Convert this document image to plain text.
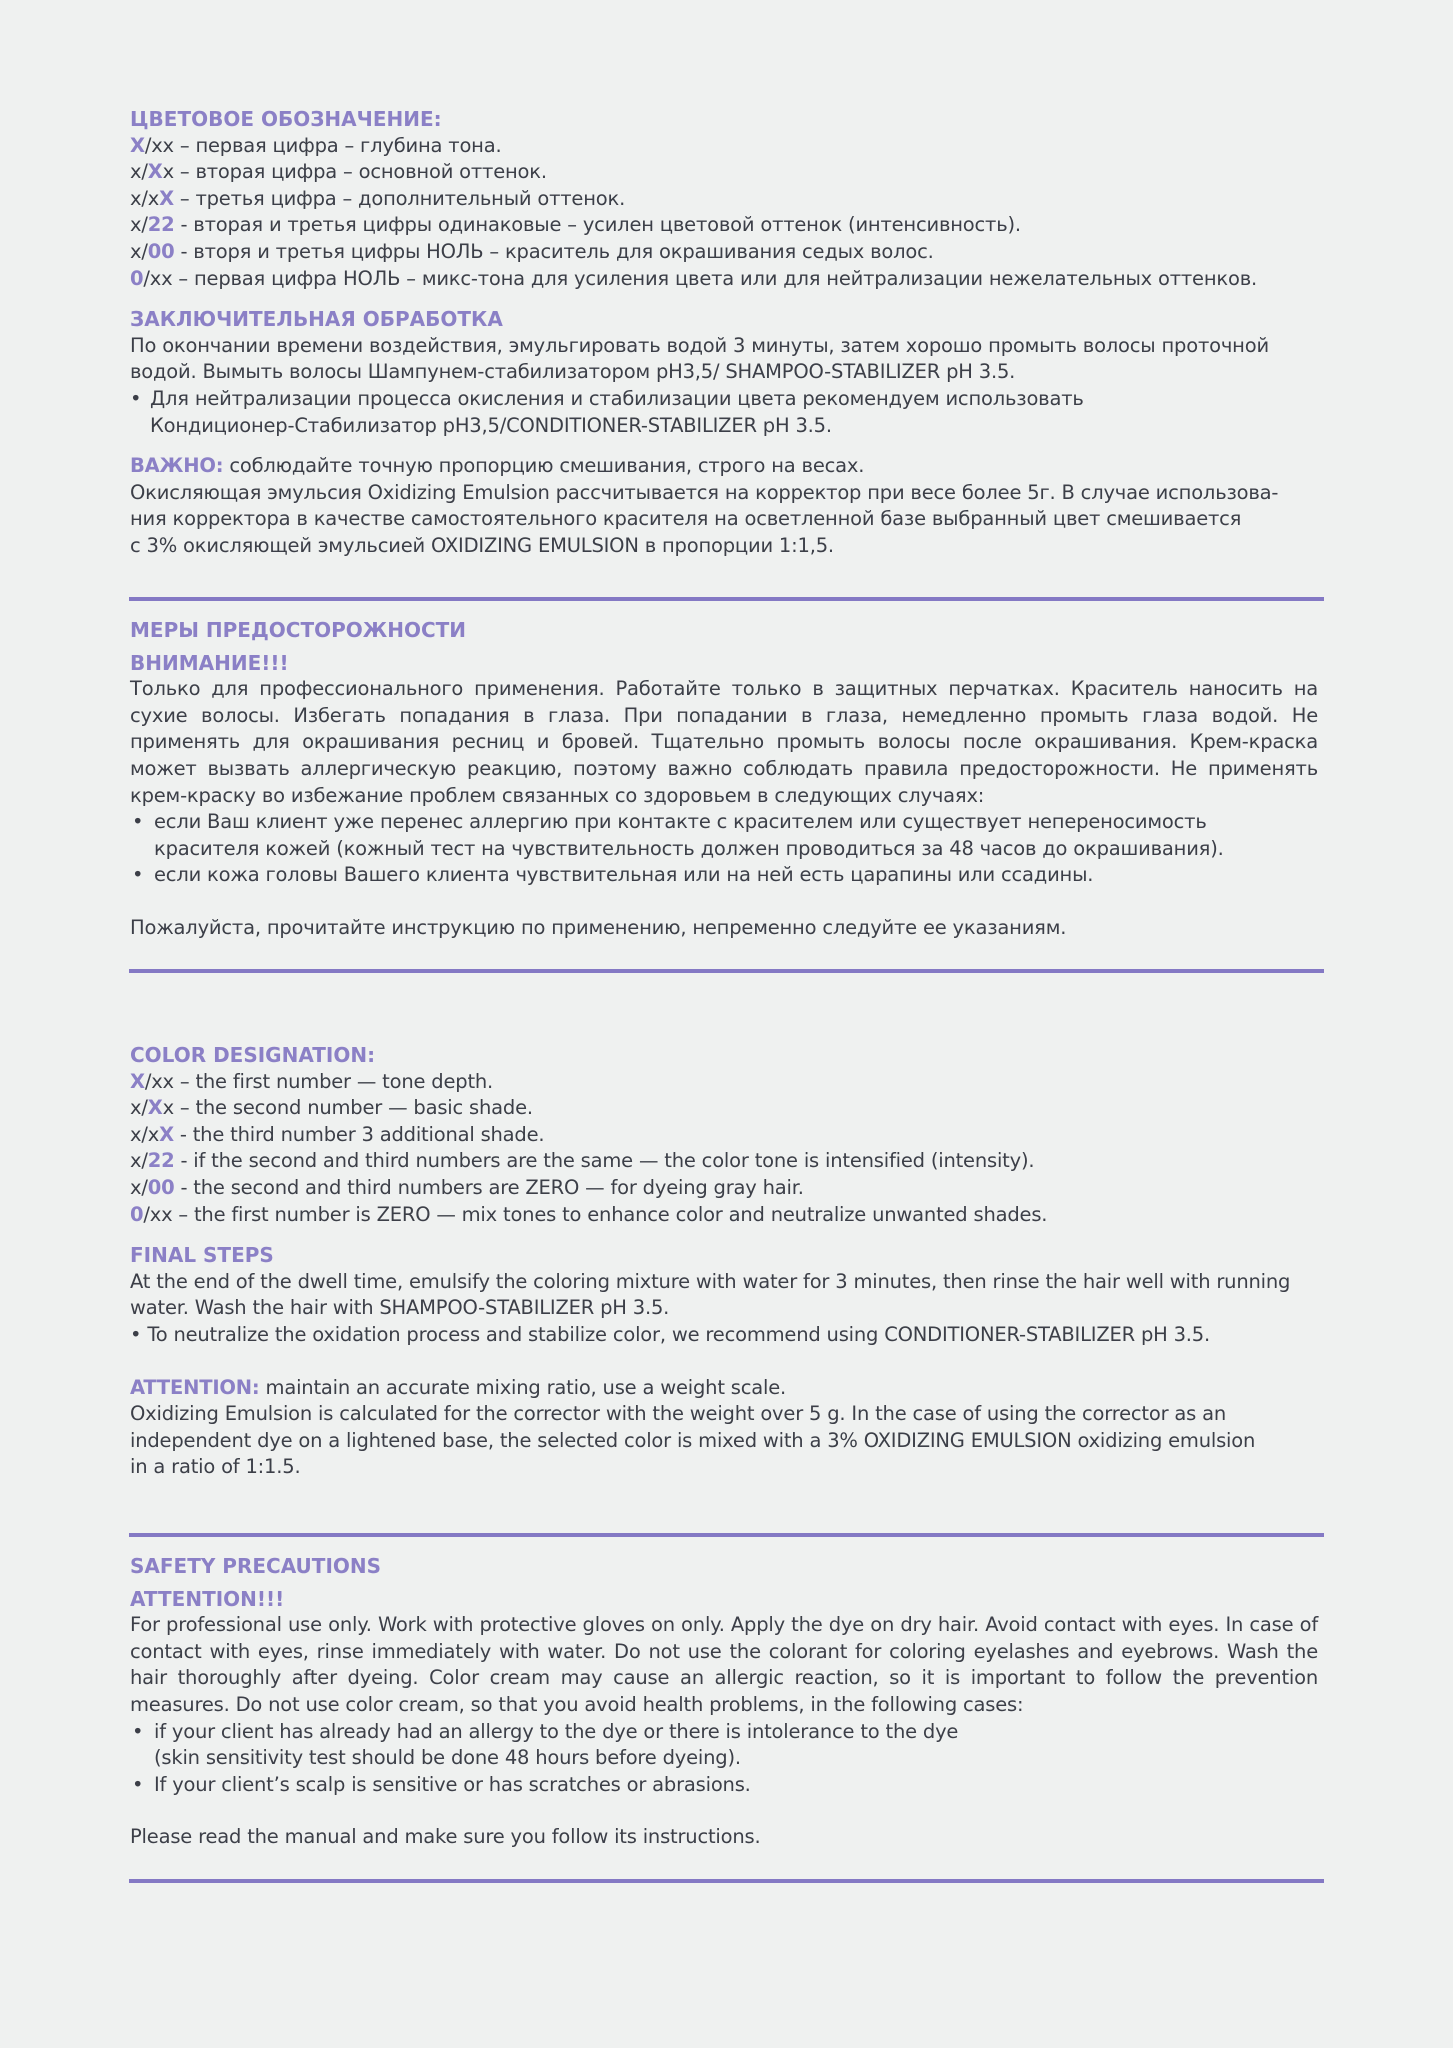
ЦВЕТОВОЕ ОБОЗНАЧЕНИЕ:
X/xx – первая цифра – глубина тона.
x/Xx – вторая цифра – основной оттенок.
x/xX – третья цифра – дополнительный оттенок.
x/22 - вторая и третья цифры одинаковые – усилен цветовой оттенок (интенсивность).
x/00 - вторя и третья цифры НОЛЬ – краситель для окрашивания седых волос.
0/xx – первая цифра НОЛЬ – микс-тона для усиления цвета или для нейтрализации нежелательных оттенков.
ЗАКЛЮЧИТЕЛЬНАЯ ОБРАБОТКА
По окончании времени воздействия, эмульгировать водой 3 минуты, затем хорошо промыть волосы проточной
водой. Вымыть волосы Шампунем-стабилизатором pH3,5/ SHAMPOO-STABILIZER pH 3.5.
• Для нейтрализации процесса окисления и стабилизации цвета рекомендуем использовать
Кондиционер-Стабилизатор pH3,5/CONDITIONER-STABILIZER pH 3.5.
ВАЖНО: соблюдайте точную пропорцию смешивания, строго на весах.
Окисляющая эмульсия Oxidizing Emulsion рассчитывается на корректор при весе более 5г. В случае использова-
ния корректора в качестве самостоятельного красителя на осветленной базе выбранный цвет смешивается
с 3% окисляющей эмульсией OXIDIZING EMULSION в пропорции 1:1,5.
МЕРЫ ПРЕДОСТОРОЖНОСТИ
ВНИМАНИЕ!!!
Только для профессионального применения. Работайте только в защитных перчатках. Краситель наносить на сухие волосы. Избегать попадания в глаза. При попадании в глаза, немедленно промыть глаза водой. Не применять для окрашивания ресниц и бровей. Тщательно промыть волосы после окрашивания. Крем-краска может вызвать аллергическую реакцию, поэтому важно соблюдать правила предосторожности. Не применять крем-краску во избежание проблем связанных со здоровьем в следующих случаях:
• если Ваш клиент уже перенес аллергию при контакте с красителем или существует непереносимость
красителя кожей (кожный тест на чувствительность должен проводиться за 48 часов до окрашивания).
• если кожа головы Вашего клиента чувствительная или на ней есть царапины или ссадины.
Пожалуйста, прочитайте инструкцию по применению, непременно следуйте ее указаниям.
COLOR DESIGNATION:
X/xx – the first number — tone depth.
x/Xx – the second number — basic shade.
x/xX - the third number 3 additional shade.
x/22 - if the second and third numbers are the same — the color tone is intensified (intensity).
x/00 - the second and third numbers are ZERO — for dyeing gray hair.
0/xx – the first number is ZERO — mix tones to enhance color and neutralize unwanted shades.
FINAL STEPS
At the end of the dwell time, emulsify the coloring mixture with water for 3 minutes, then rinse the hair well with running
water. Wash the hair with SHAMPOO-STABILIZER pH 3.5.
• To neutralize the oxidation process and stabilize color, we recommend using CONDITIONER-STABILIZER pH 3.5.
ATTENTION: maintain an accurate mixing ratio, use a weight scale.
Oxidizing Emulsion is calculated for the corrector with the weight over 5 g. In the case of using the corrector as an
independent dye on a lightened base, the selected color is mixed with a 3% OXIDIZING EMULSION oxidizing emulsion
in a ratio of 1:1.5.
SAFETY PRECAUTIONS
ATTENTION!!!
For professional use only. Work with protective gloves on only. Apply the dye on dry hair. Avoid contact with eyes. In case of contact with eyes, rinse immediately with water. Do not use the colorant for coloring eyelashes and eyebrows. Wash the hair thoroughly after dyeing. Color cream may cause an allergic reaction, so it is important to follow the prevention measures. Do not use color cream, so that you avoid health problems, in the following cases:
• if your client has already had an allergy to the dye or there is intolerance to the dye
(skin sensitivity test should be done 48 hours before dyeing).
• If your client’s scalp is sensitive or has scratches or abrasions.
Please read the manual and make sure you follow its instructions.
